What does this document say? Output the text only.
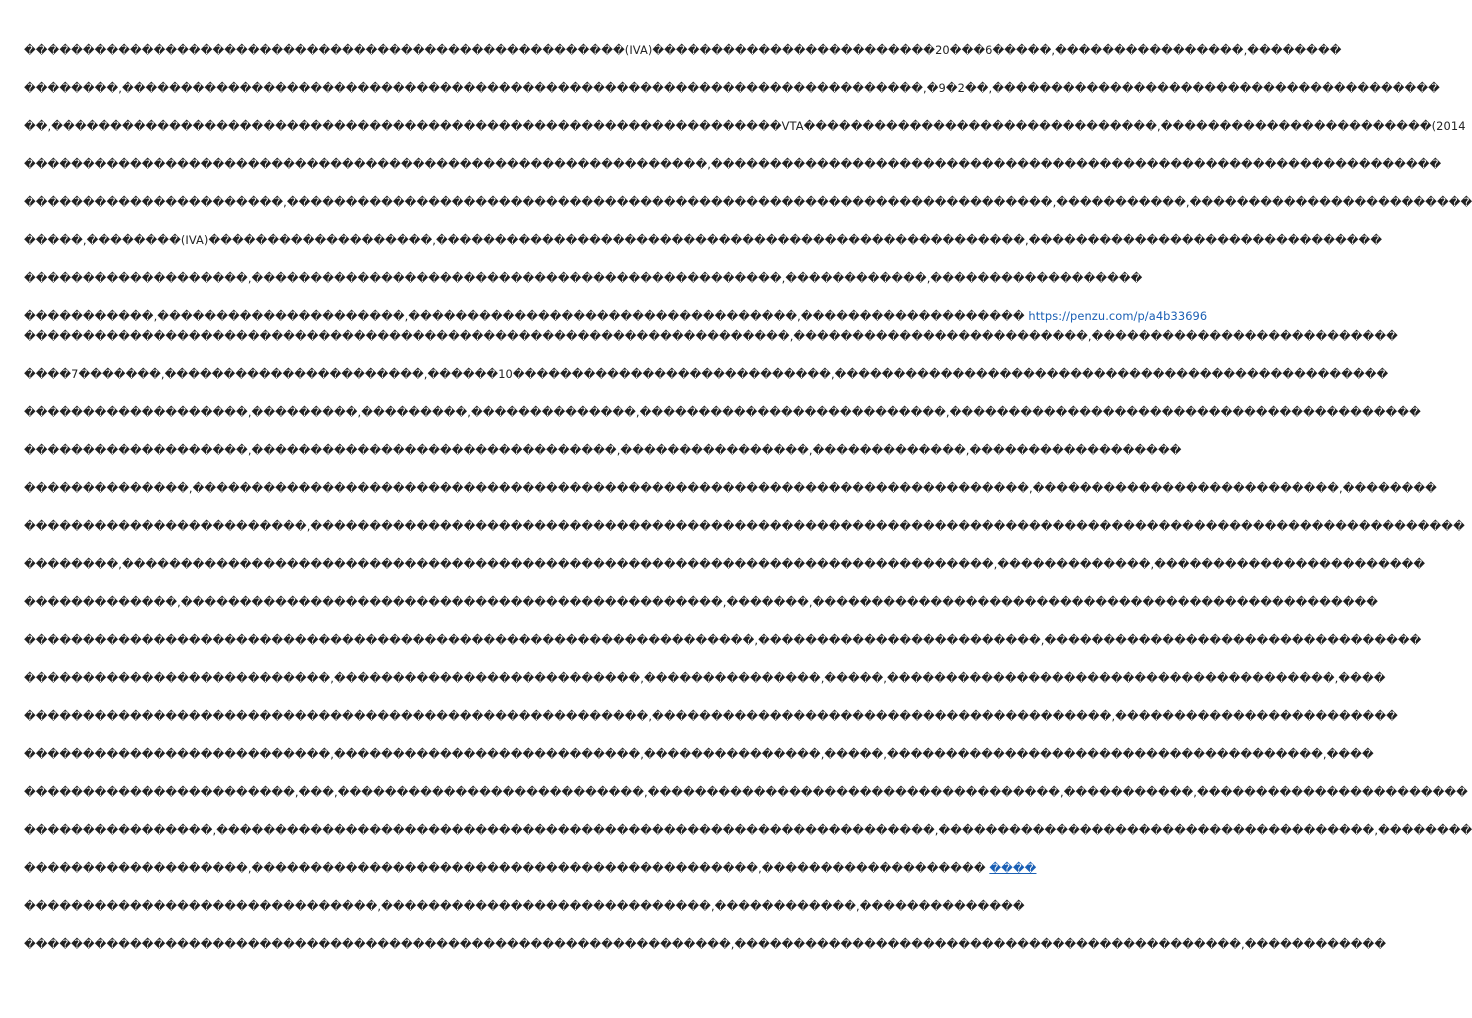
���������������������������������������������������(IVA)������������������������20���6�����,����������������,��������
��������,��������������������������������������������������������������������,�9�2��,��������������������������������������
��,��������������������������������������������������������������VTA������������������������������,�����������������������(2014
����������������������������������������������������������,��������������������������������������������������������������
����������������������,�����������������������������������������������������������������,�����������,������������������������
�����,��������(IVA)�������������������,��������������������������������������������������,������������������������������
�������������������,���������������������������������������������,������������,������������������
�����������,���������������������,���������������������������������,������������������� https://penzu.com/p/a4b33696
�����������������������������������������������������������������,�������������������������,��������������������������
����7�������,����������������������,������10���������������������������,�����������������������������������������������
�������������������,���������,���������,��������������,��������������������������,����������������������������������������
�������������������,�������������������������������,����������������,�������������,������������������
��������������,�����������������������������������������������������������������������,��������������������������,��������
������������������������,��������������������������������������������������������������������������������������������������
��������,��������������������������������������������������������������������������,�������������,�����������������������
�������������,����������������������������������������������,�������,������������������������������������������������
��������������������������������������������������������������,������������������������,��������������������������������
��������������������������,��������������������������,���������������,�����,��������������������������������������,����
�����������������������������������������������������,���������������������������������������,������������������������
��������������������������,��������������������������,���������������,�����,�������������������������������������,����
�����������������������,���,��������������������������,�����������������������������������,�����������,�����������������������
����������������,�������������������������������������������������������������,�������������������������������������,��������
�������������������,�������������������������������������������,������������������� ����
������������������������������,����������������������������,������������,��������������
������������������������������������������������������������,�������������������������������������������,������������
